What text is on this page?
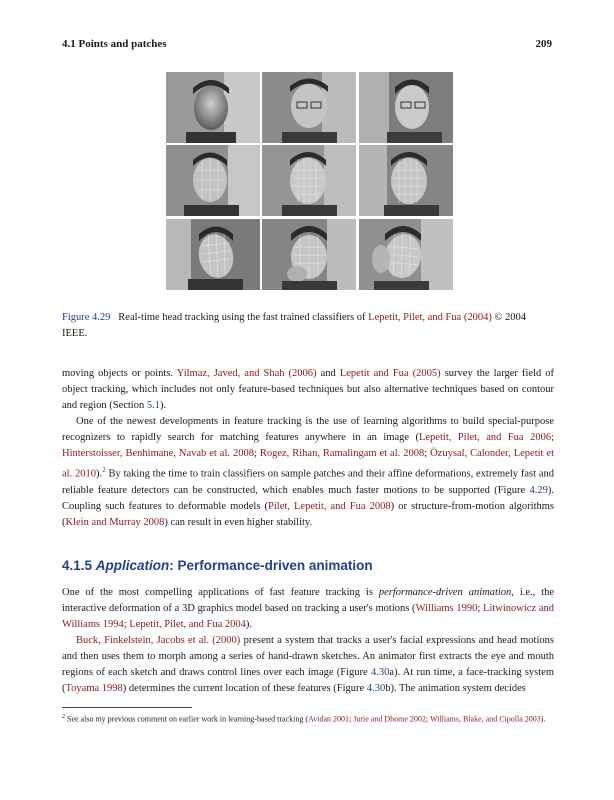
4.1 Points and patches	209
Figure 4.29 Real-time head tracking using the fast trained classifiers of Lepetit, Pilet, and Fua (2004) © 2004 IEEE.

moving objects or points. Yilmaz, Javed, and Shah (2006) and Lepetit and Fua (2005) survey the larger field of object tracking, which includes not only feature-based techniques but also alternative techniques based on contour and region (Section 5.1).

One of the newest developments in feature tracking is the use of learning algorithms to build special-purpose recognizers to rapidly search for matching features anywhere in an image (Lepetit, Pilet, and Fua 2006; Hinterstoisser, Benhimane, Navab et al. 2008; Rogez, Rihan, Ramalingam et al. 2008; Özuysal, Calonder, Lepetit et al. 2010).$^2$ By taking the time to train classifiers on sample patches and their affine deformations, extremely fast and reliable feature detectors can be constructed, which enables much faster motions to be supported (Figure 4.29). Coupling such features to deformable models (Pilet, Lepetit, and Fua 2008) or structure-from-motion algorithms (Klein and Murray 2008) can result in even higher stability.

4.1.5 Application: Performance-driven animation

One of the most compelling applications of fast feature tracking is performance-driven animation, i.e., the interactive deformation of a 3D graphics model based on tracking a user's motions (Williams 1990; Litwinowicz and Williams 1994; Lepetit, Pilet, and Fua 2004).

Buck, Finkelstein, Jacobs et al. (2000) present a system that tracks a user's facial expressions and head motions and then uses them to morph among a series of hand-drawn sketches. An animator first extracts the eye and mouth regions of each sketch and draws control lines over each image (Figure 4.30a). At run time, a face-tracking system (Toyama 1998) determines the current location of these features (Figure 4.30b). The animation system decides

$^2$ See also my previous comment on earlier work in learning-based tracking (Avidan 2001; Jurie and Dhome 2002; Williams, Blake, and Cipolla 2003).
